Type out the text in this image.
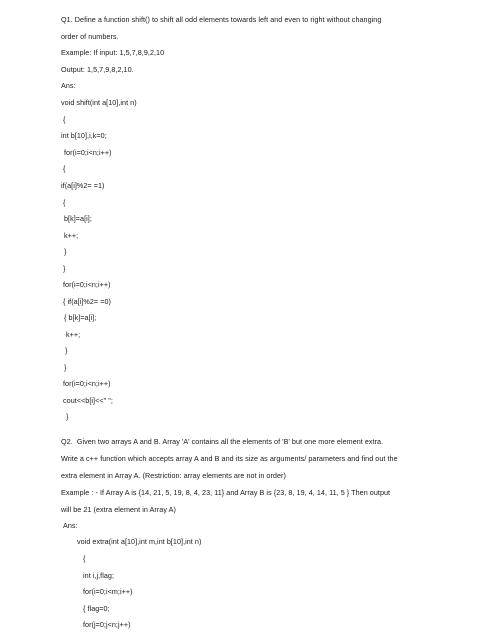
Q1. Define a function shift() to shift all odd elements towards left and even to right without changing
order of numbers.
Example: If input: 1,5,7,8,9,2,10
Output: 1,5,7,9,8,2,10.
Ans:
void shift(int a[10],int n)
{
int b[10],i,k=0;
for(i=0;i<n;i++)
{
if(a[i]%2= =1)
{
b[k]=a[i];
k++;
}
}
for(i=0;i<n;i++)
{ if(a[i]%2= =0)
{ b[k]=a[i];
k++;
}
}
for(i=0;i<n;i++)
cout<<b[i]<<" ";
}
Q2.  Given two arrays A and B. Array 'A' contains all the elements of 'B' but one more element extra.
Write a c++ function which accepts array A and B and its size as arguments/ parameters and find out the
extra element in Array A. (Restriction: array elements are not in order)
Example : - If Array A is {14, 21, 5, 19, 8, 4, 23, 11} and Array B is {23, 8, 19, 4, 14, 11, 5 } Then output
will be 21 (extra element in Array A)
Ans:
void extra(int a[10],int m,int b[10],int n)
{
int i,j,flag;
for(i=0;i<m;i++)
{ flag=0;
for(j=0;j<n;j++)
